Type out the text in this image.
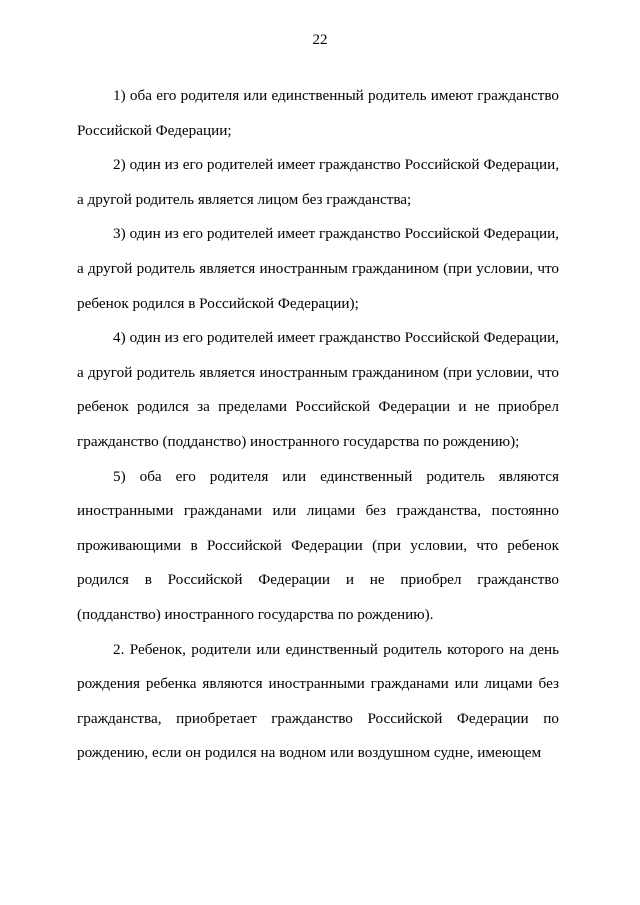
22

1) оба его родителя или единственный родитель имеют гражданство Российской Федерации;

2) один из его родителей имеет гражданство Российской Федерации, а другой родитель является лицом без гражданства;

3) один из его родителей имеет гражданство Российской Федерации, а другой родитель является иностранным гражданином (при условии, что ребенок родился в Российской Федерации);

4) один из его родителей имеет гражданство Российской Федерации, а другой родитель является иностранным гражданином (при условии, что ребенок родился за пределами Российской Федерации и не приобрел гражданство (подданство) иностранного государства по рождению);

5) оба его родителя или единственный родитель являются иностранными гражданами или лицами без гражданства, постоянно проживающими в Российской Федерации (при условии, что ребенок родился в Российской Федерации и не приобрел гражданство (подданство) иностранного государства по рождению).

2. Ребенок, родители или единственный родитель которого на день рождения ребенка являются иностранными гражданами или лицами без гражданства, приобретает гражданство Российской Федерации по рождению, если он родился на водном или воздушном судне, имеющем
